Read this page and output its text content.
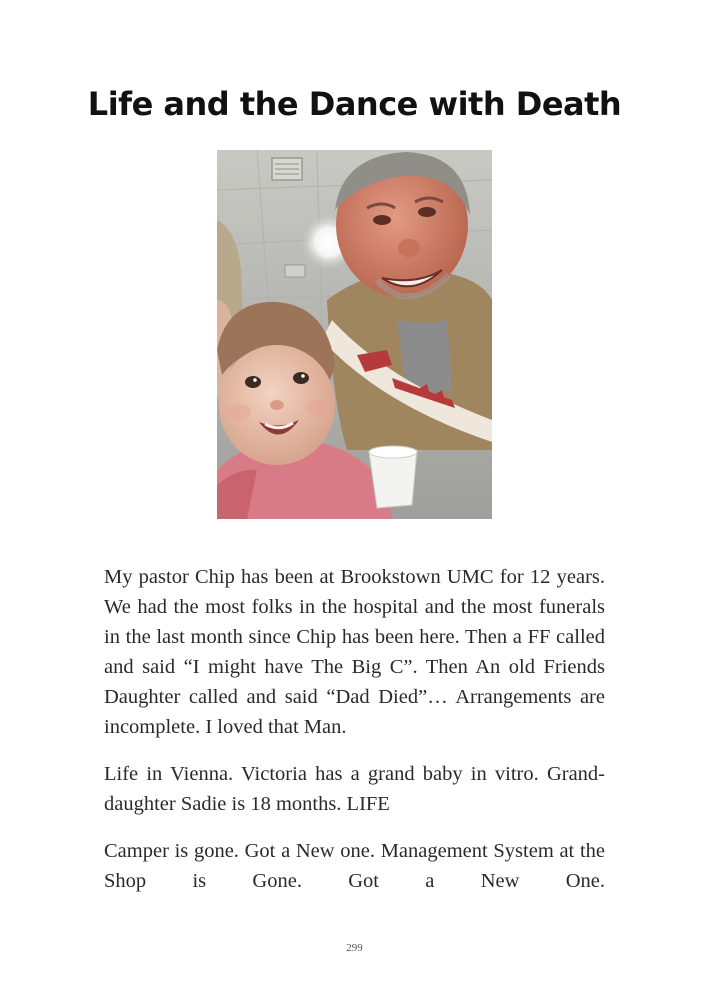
Life and the Dance with Death

My pastor Chip has been at Brookstown UMC for 12 years. We had the most folks in the hospital and the most funerals in the last month since Chip has been here. Then a FF called and said “I might have The Big C”. Then An old Friends Daughter called and said “Dad Died”… Arrangements are incomplete. I loved that Man.

Life in Vienna. Victoria has a grand baby in vitro. Grand-daughter Sadie is 18 months. LIFE

Camper is gone. Got a New one. Management System at the Shop is Gone. Got a New One.

299
